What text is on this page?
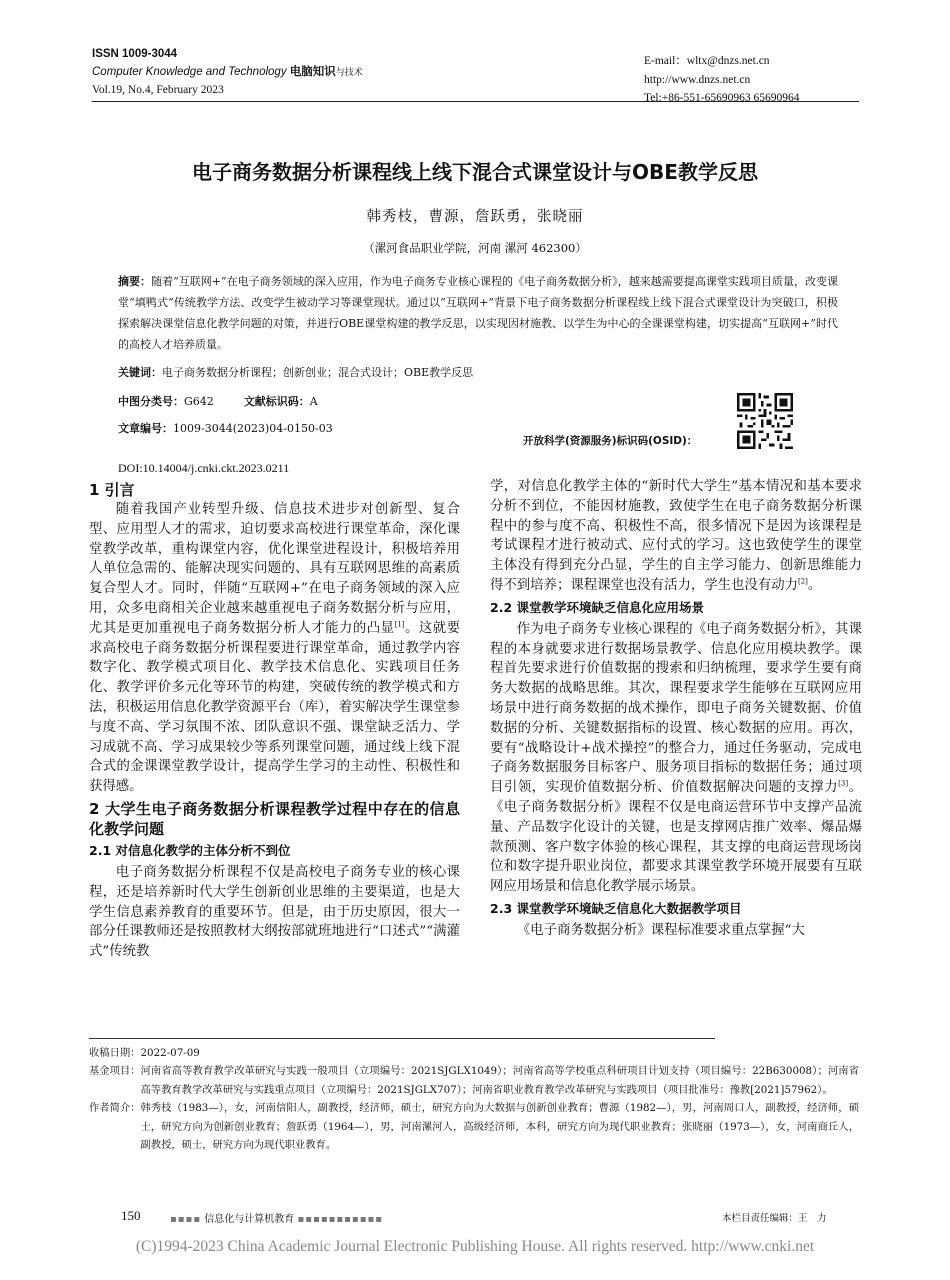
ISSN 1009-3044
Computer Knowledge and Technology 电脑知识与技术
Vol.19, No.4, February 2023
E-mail：wltx@dnzs.net.cn
http://www.dnzs.net.cn
Tel:+86-551-65690963 65690964
电子商务数据分析课程线上线下混合式课堂设计与OBE教学反思
韩秀枝，曹源，詹跃勇，张晓丽
（漯河食品职业学院，河南 漯河 462300）
摘要：随着“互联网+”在电子商务领域的深入应用，作为电子商务专业核心课程的《电子商务数据分析》，越来越需要提高课堂实践项目质量，改变课堂“填鸭式”传统教学方法、改变学生被动学习等课堂现状。通过以“互联网+”背景下电子商务数据分析课程线上线下混合式课堂设计为突破口，积极探索解决课堂信息化教学问题的对策，并进行OBE课堂构建的教学反思，以实现因材施教、以学生为中心的全课课堂构建，切实提高“互联网+”时代的高校人才培养质量。
关键词：电子商务数据分析课程；创新创业；混合式设计；OBE教学反思
中图分类号：G642	文献标识码：A
文章编号：1009-3044(2023)04-0150-03
开放科学(资源服务)标识码(OSID)：
DOI:10.14004/j.cnki.ckt.2023.0211
1 引言

随着我国产业转型升级、信息技术进步对创新型、复合型、应用型人才的需求，迫切要求高校进行课堂革命，深化课堂教学改革，重构课堂内容，优化课堂进程设计，积极培养用人单位急需的、能解决现实问题的、具有互联网思维的高素质复合型人才。同时，伴随“互联网+”在电子商务领域的深入应用，众多电商相关企业越来越重视电子商务数据分析与应用，尤其是更加重视电子商务数据分析人才能力的凸显[1]。这就要求高校电子商务数据分析课程要进行课堂革命，通过教学内容数字化、教学模式项目化、教学技术信息化、实践项目任务化、教学评价多元化等环节的构建，突破传统的教学模式和方法，积极运用信息化教学资源平台（库），着实解决学生课堂参与度不高、学习氛围不浓、团队意识不强、课堂缺乏活力、学习成就不高、学习成果较少等系列课堂问题，通过线上线下混合式的金课课堂教学设计，提高学生学习的主动性、积极性和获得感。

2 大学生电子商务数据分析课程教学过程中存在的信息化教学问题
2.1 对信息化教学的主体分析不到位

电子商务数据分析课程不仅是高校电子商务专业的核心课程，还是培养新时代大学生创新创业思维的主要渠道，也是大学生信息素养教育的重要环节。但是，由于历史原因，很大一部分任课教师还是按照教材大纲按部就班地进行“口述式”“满灌式”传统教

学，对信息化教学主体的“新时代大学生”基本情况和基本要求分析不到位，不能因材施教，致使学生在电子商务数据分析课程中的参与度不高、积极性不高，很多情况下是因为该课程是考试课程才进行被动式、应付式的学习。这也致使学生的课堂主体没有得到充分凸显，学生的自主学习能力、创新思维能力得不到培养；课程课堂也没有活力，学生也没有动力[2]。

2.2 课堂教学环境缺乏信息化应用场景

作为电子商务专业核心课程的《电子商务数据分析》，其课程的本身就要求进行数据场景教学、信息化应用模块教学。课程首先要求进行价值数据的搜索和归纳梳理，要求学生要有商务大数据的战略思维。其次，课程要求学生能够在互联网应用场景中进行商务数据的战术操作，即电子商务关键数据、价值数据的分析、关键数据指标的设置、核心数据的应用。再次，要有“战略设计+战术操控”的整合力，通过任务驱动，完成电子商务数据服务目标客户、服务项目指标的数据任务；通过项目引领，实现价值数据分析、价值数据解决问题的支撑力[3]。《电子商务数据分析》课程不仅是电商运营环节中支撑产品流量、产品数字化设计的关键，也是支撑网店推广效率、爆品爆款预测、客户数字体验的核心课程，其支撑的电商运营现场岗位和数字提升职业岗位，都要求其课堂教学环境开展要有互联网应用场景和信息化教学展示场景。

2.3 课堂教学环境缺乏信息化大数据教学项目

《电子商务数据分析》课程标准要求重点掌握“大

收稿日期： 2022-07-09
基金项目： 河南省高等教育教学改革研究与实践一般项目（立项编号：2021SJGLX1049）；河南省高等学校重点科研项目计划支持（项目编号：22B630008）；河南省高等教育教学改革研究与实践重点项目（立项编号：2021SJGLX707）；河南省职业教育教学改革研究与实践项目（项目批准号：豫教[2021]57962）。
作者简介： 韩秀枝（1983—），女，河南信阳人，副教授，经济师，硕士，研究方向为大数据与创新创业教育；曹源（1982—），男，河南周口人，副教授，经济师，硕士，研究方向为创新创业教育；詹跃勇（1964—），男，河南漯河人，高级经济师，本科，研究方向为现代职业教育；张晓丽（1973—），女，河南商丘人，副教授，硕士，研究方向为现代职业教育。
150	▪▪▪▪ 信息化与计算机教育 ▪▪▪▪▪▪▪▪▪▪▪	本栏目责任编辑：王　力
(C)1994-2023 China Academic Journal Electronic Publishing House. All rights reserved. http://www.cnki.net
